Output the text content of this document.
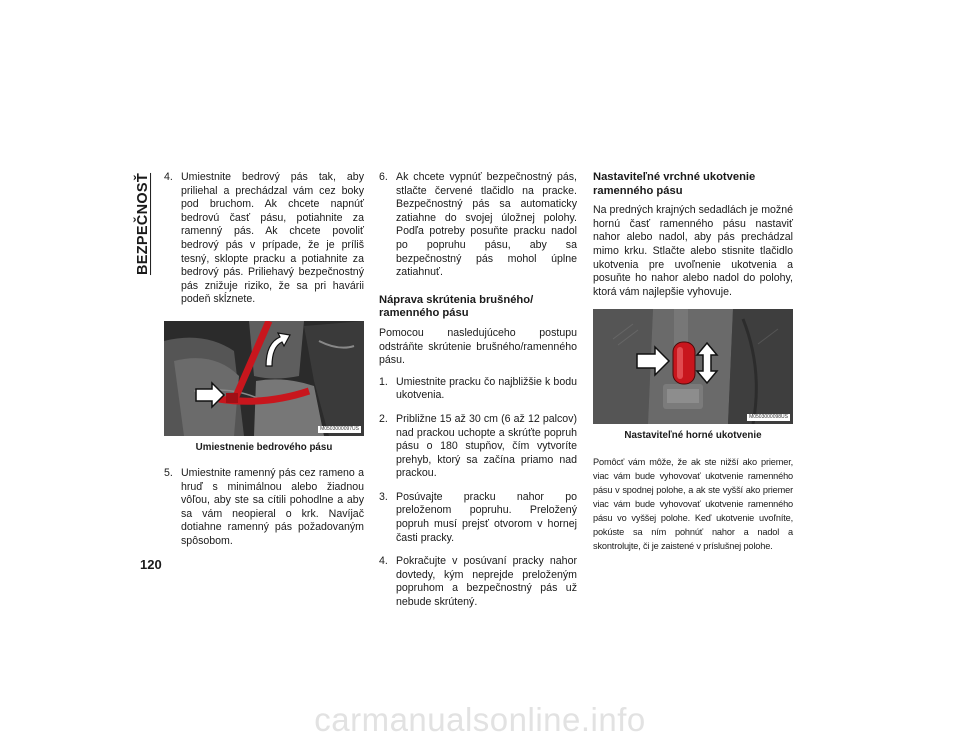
BEZPEČNOSŤ 4. Umiestnite bedrový pás tak, aby priliehal a prechádzal vám cez boky pod bruchom. Ak chcete napnúť bedrovú časť pásu, potiahnite za ramenný pás. Ak chcete povoliť bedrový pás v prípade, že je príliš tesný, sklopte pracku a potiahnite za bedrový pás. Priliehavý bezpečnostný pás znižuje riziko, že sa pri havárii podeň skĺznete.
M0503000097US
Umiestnenie bedrového pásu
5. Umiestnite ramenný pás cez rameno a hruď s minimálnou alebo žiadnou vôľou, aby ste sa cítili pohodlne a aby sa vám neopieral o krk. Navíjač dotiahne ramenný pás požadovaným spôsobom.
6. Ak chcete vypnúť bezpečnostný pás, stlačte červené tlačidlo na pracke. Bezpečnostný pás sa automaticky zatiahne do svojej úložnej polohy. Podľa potreby posuňte pracku nadol po popruhu pásu, aby sa bezpečnostný pás mohol úplne zatiahnuť.
Náprava skrútenia brušného/ ramenného pásu
Pomocou nasledujúceho postupu odstráňte skrútenie brušného/ramenného pásu.
1. Umiestnite pracku čo najbližšie k bodu ukotvenia.
2. Približne 15 až 30 cm (6 až 12 palcov) nad prackou uchopte a skrúťte popruh pásu o 180 stupňov, čím vytvoríte prehyb, ktorý sa začína priamo nad prackou.
3. Posúvajte pracku nahor po preloženom popruhu. Preložený popruh musí prejsť otvorom v hornej časti pracky.
4. Pokračujte v posúvaní pracky nahor dovtedy, kým neprejde preloženým popruhom a bezpečnostný pás už nebude skrútený.
Nastaviteľné vrchné ukotvenie ramenného pásu
Na predných krajných sedadlách je možné hornú časť ramenného pásu nastaviť nahor alebo nadol, aby pás prechádzal mimo krku. Stlačte alebo stisnite tlačidlo ukotvenia pre uvoľnenie ukotvenia a posuňte ho nahor alebo nadol do polohy, ktorá vám najlepšie vyhovuje.
M0503000098US
Nastaviteľné horné ukotvenie

Pomôcť vám môže, že ak ste nižší ako priemer, viac vám bude vyhovovať ukotvenie ramenného pásu v spodnej polohe, a ak ste vyšší ako priemer viac vám bude vyhovovať ukotvenie ramenného pásu vo vyššej polohe. Keď ukotvenie uvoľníte, pokúste sa ním pohnúť nahor a nadol a skontrolujte, či je zaistené v príslušnej polohe.

120
carmanualsonline.info
